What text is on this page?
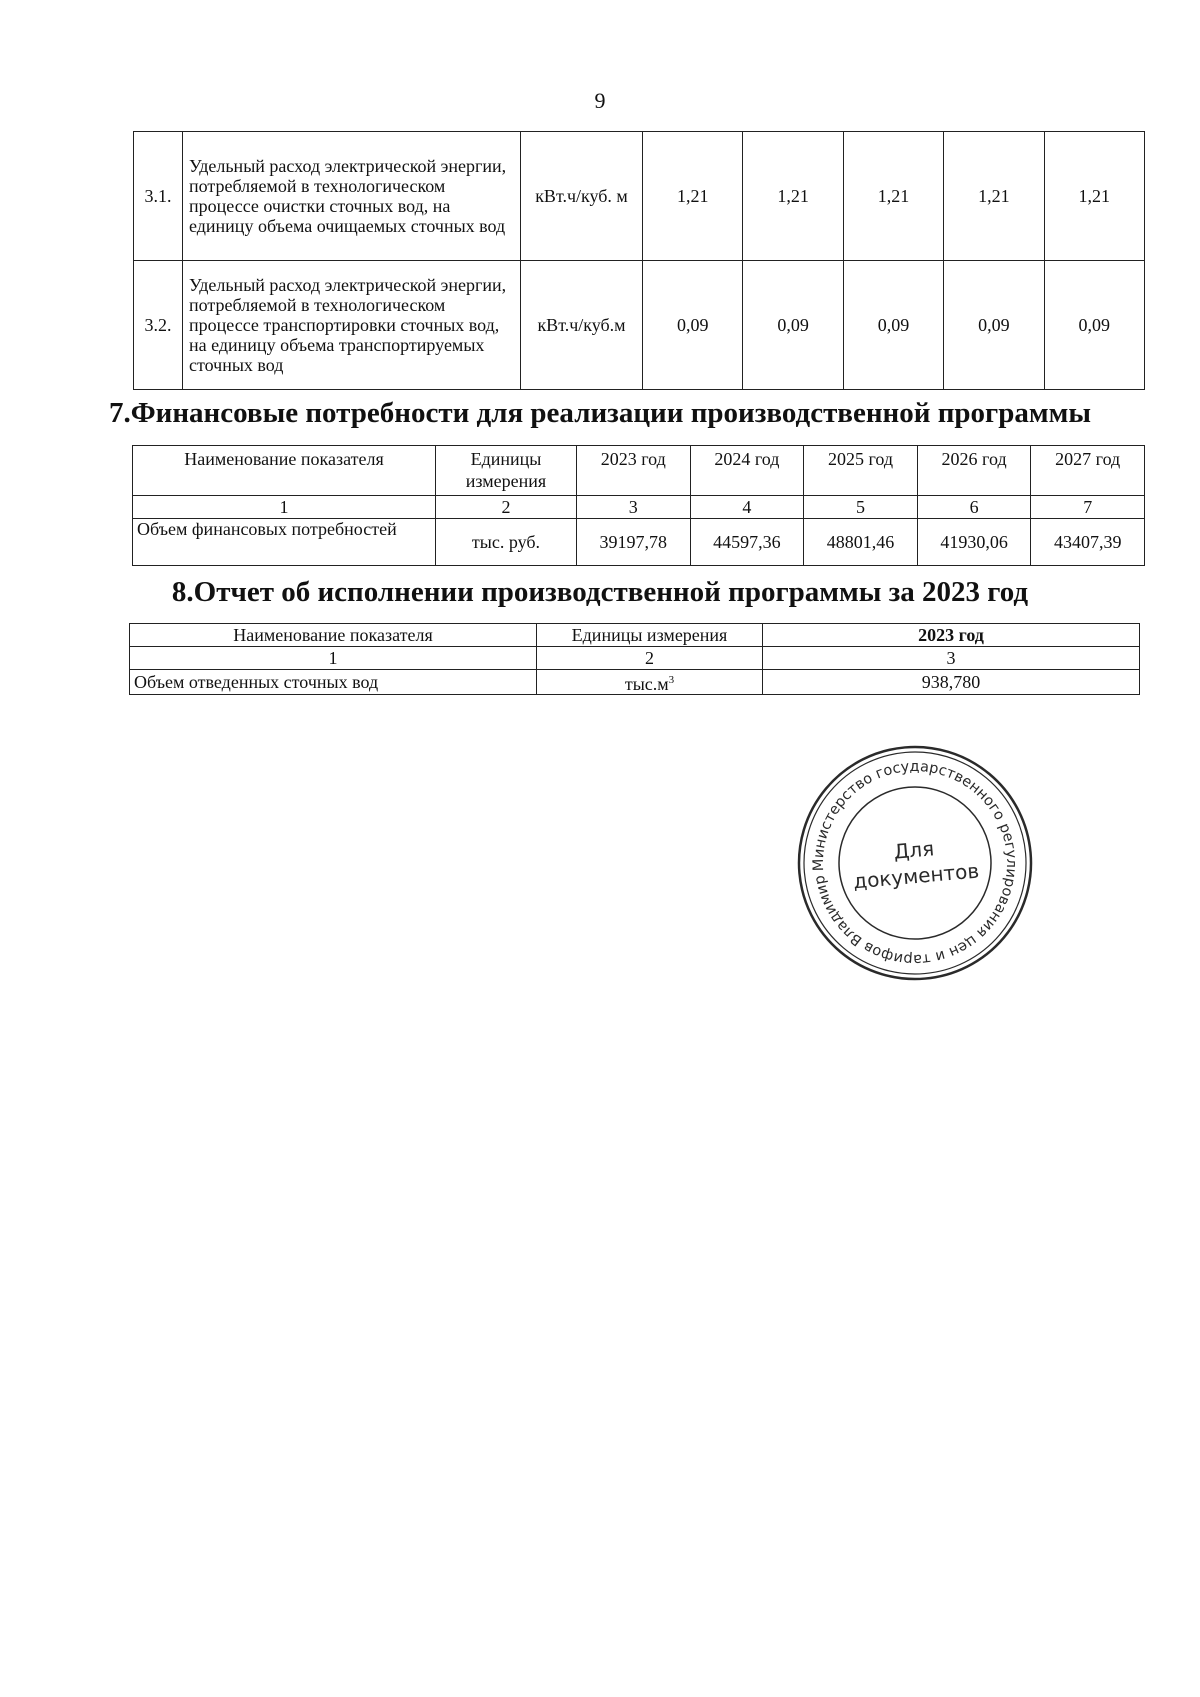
9
3.1.	Удельный расход электрической энергии, потребляемой в технологическом процессе очистки сточных вод, на единицу объема очищаемых сточных вод	кВт.ч/куб. м	1,21	1,21	1,21	1,21	1,21
3.2.	Удельный расход электрической энергии, потребляемой в технологическом процессе транспортировки сточных вод, на единицу объема транспортируемых сточных вод	кВт.ч/куб.м	0,09	0,09	0,09	0,09	0,09
7.Финансовые потребности для реализации производственной программы
Наименование показателя	Единицы измерения	2023 год	2024 год	2025 год	2026 год	2027 год
1	2	3	4	5	6	7
Объем финансовых потребностей	тыс. руб.	39197,78	44597,36	48801,46	41930,06	43407,39
8.Отчет об исполнении производственной программы за 2023 год
Наименование показателя	Единицы измерения	2023 год
1	2	3
Объем отведенных сточных вод	$тыс.м^3$	938,780
Министерство государственного регулирования цен и тарифов Владимирской
Для
документов
